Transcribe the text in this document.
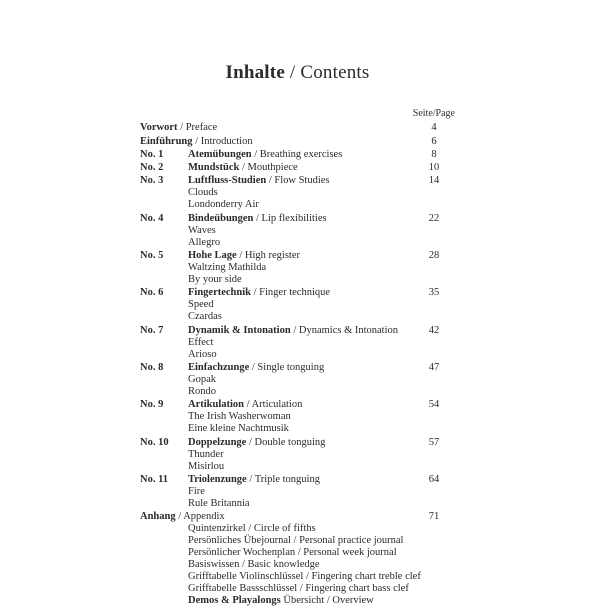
Inhalte / Contents
Seite/Page
Vorwort / Preface	4
Einführung / Introduction	6
No. 1	Atemübungen / Breathing exercises	8
No. 2	Mundstück / Mouthpiece	10
No. 3	Luftfluss-Studien / Flow Studies	14
Clouds
Londonderry Air
No. 4	Bindeübungen / Lip flexibilities	22
Waves
Allegro
No. 5	Hohe Lage / High register	28
Waltzing Mathilda
By your side
No. 6	Fingertechnik / Finger technique	35
Speed
Czardas
No. 7	Dynamik & Intonation / Dynamics & Intonation	42
Effect
Arioso
No. 8	Einfachzunge / Single tonguing	47
Gopak
Rondo
No. 9	Artikulation / Articulation	54
The Irish Washerwoman
Eine kleine Nachtmusik
No. 10	Doppelzunge / Double tonguing	57
Thunder
Misirlou
No. 11	Triolenzunge / Triple tonguing	64
Fire
Rule Britannia
Anhang / Appendix	71
Quintenzirkel / Circle of fifths
Persönliches Übejournal / Personal practice journal
Persönlicher Wochenplan / Personal week journal
Basiswissen / Basic knowledge
Grifftabelle Violinschlüssel / Fingering chart treble clef
Grifftabelle Bassschlüssel / Fingering chart bass clef
Demos & Playalongs Übersicht / Overview
